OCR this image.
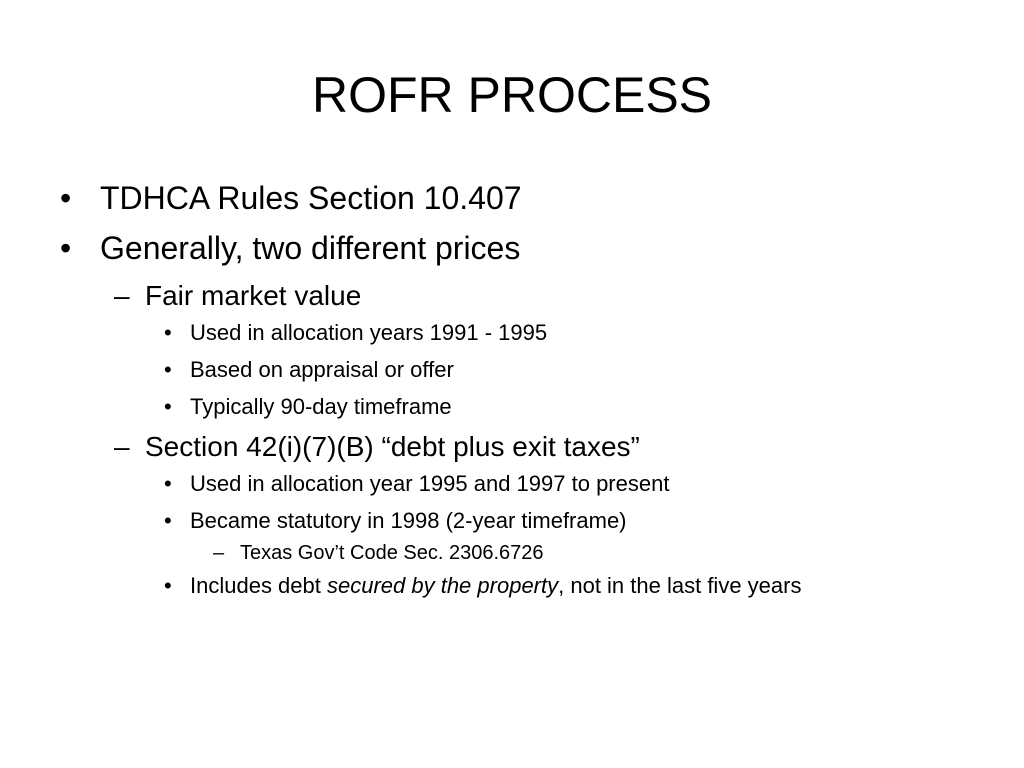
ROFR PROCESS
• TDHCA Rules Section 10.407
• Generally, two different prices
– Fair market value
• Used in allocation years 1991 - 1995
• Based on appraisal or offer
• Typically 90-day timeframe
– Section 42(i)(7)(B) “debt plus exit taxes”
• Used in allocation year 1995 and 1997 to present
• Became statutory in 1998 (2-year timeframe)
– Texas Gov’t Code Sec. 2306.6726
• Includes debt secured by the property, not in the last five years
